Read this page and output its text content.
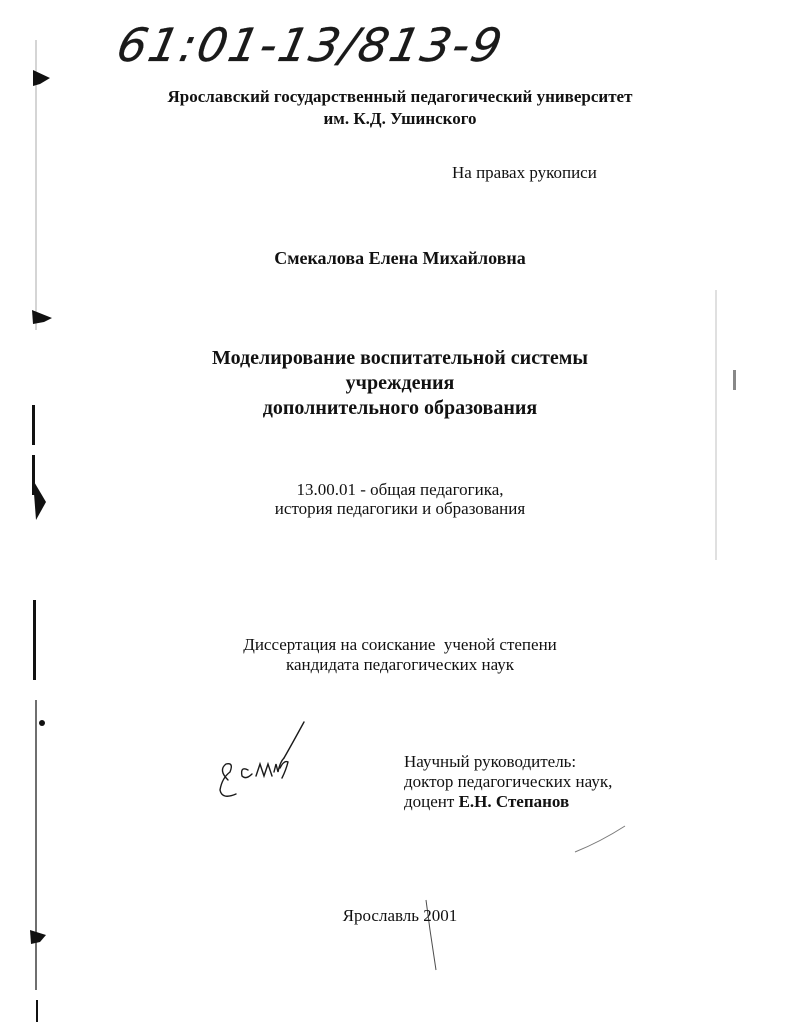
61:01-13/813-9
Ярославский государственный педагогический университет
им. К.Д. Ушинского
На правах рукописи
Смекалова Елена Михайловна
Моделирование воспитательной системы
учреждения
дополнительного образования
13.00.01 - общая педагогика,
история педагогики и образования
Диссертация на соискание  ученой степени
кандидата педагогических наук
Научный руководитель:
доктор педагогических наук,
доцент Е.Н. Степанов
Ярославль 2001
